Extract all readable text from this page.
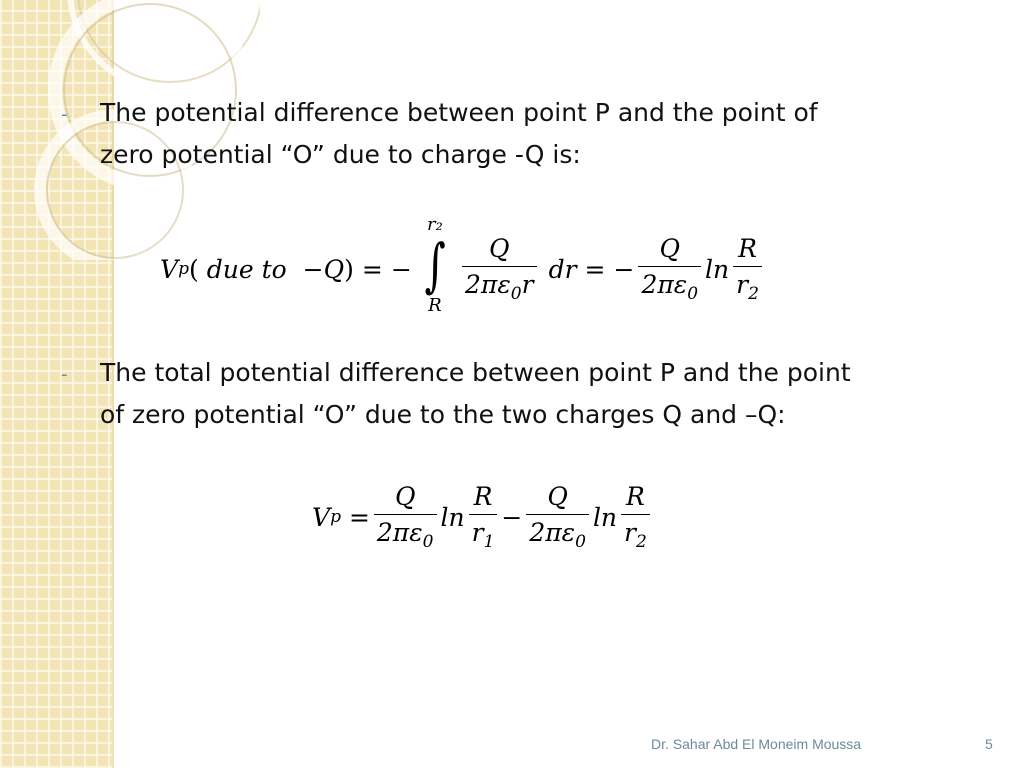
- The potential difference between point P and the point of
zero potential “O” due to charge -Q is:
V p ( due to −Q ) = −
r₂
∫
R
$\frac{Q}{2\pi\varepsilon_0r}$ dr = − $\frac{Q}{2\pi\varepsilon_0}$ $\ln \frac{R}{r_2}$
- The total potential difference between point P and the point
of zero potential “O” due to the two charges Q and –Q:
V $p = \frac{Q}{2\pi\varepsilon_0}$ $\ln \frac{R}{r_1} - \frac{Q}{2\pi\varepsilon_0}$ $\ln \frac{R}{r_2}$
Dr. Sahar Abd El Moneim Moussa	5
